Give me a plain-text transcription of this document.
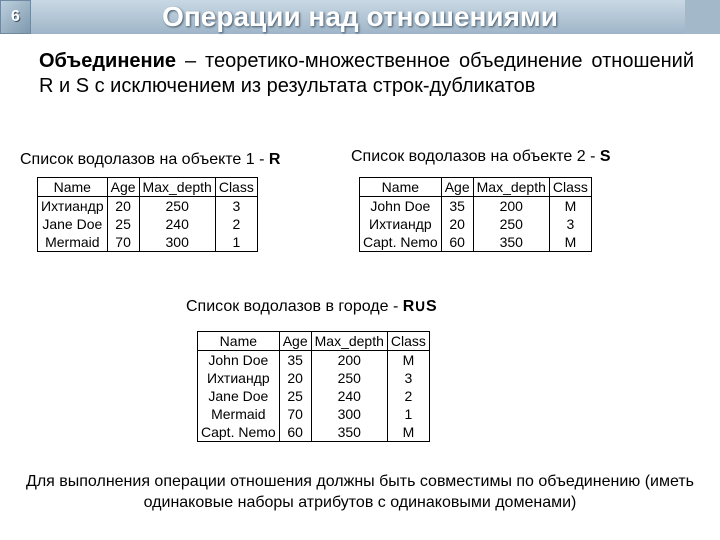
6	Операции над отношениями
Объединение – теоретико-множественное объединение отношений R и S с исключением из результата строк-дубликатов
Список водолазов на объекте 1 - R
Name	Age	Max_depth	Class
Ихтиандр	20	250	3
Jane Doe	25	240	2
Mermaid	70	300	1
Список водолазов на объекте 2 - S
Name	Age	Max_depth	Class
John Doe	35	200	M
Ихтиандр	20	250	3
Capt. Nemo	60	350	M
Список водолазов в городе - R∪S
Name	Age	Max_depth	Class
John Doe	35	200	M
Ихтиандр	20	250	3
Jane Doe	25	240	2
Mermaid	70	300	1
Capt. Nemo	60	350	M
Для выполнения операции отношения должны быть совместимы по объединению (иметь одинаковые наборы атрибутов с одинаковыми доменами)
